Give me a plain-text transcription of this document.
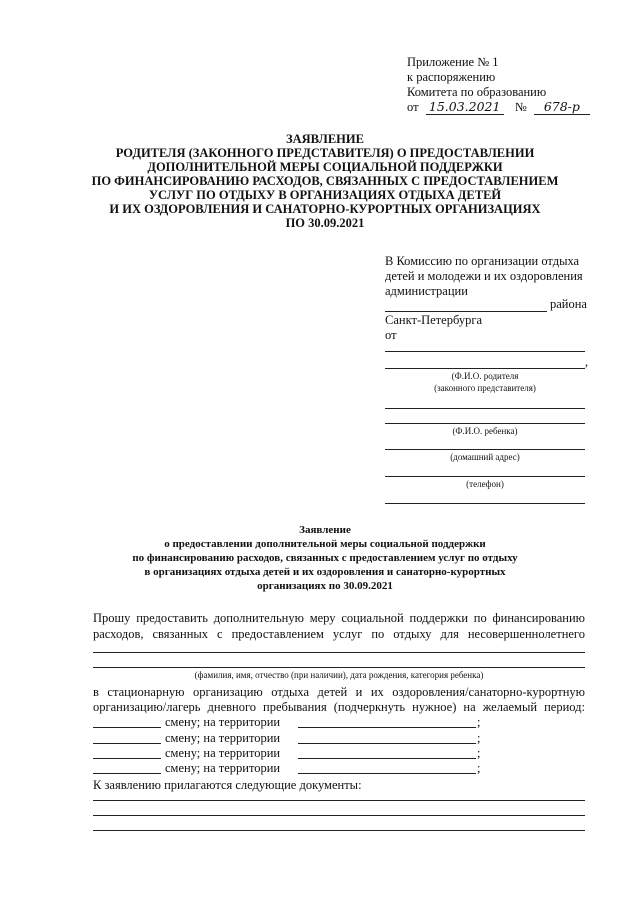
Приложение № 1
к распоряжению
Комитета по образованию
от 15.03.2021 № 678-р
ЗАЯВЛЕНИЕ
РОДИТЕЛЯ (ЗАКОННОГО ПРЕДСТАВИТЕЛЯ) О ПРЕДОСТАВЛЕНИИ
ДОПОЛНИТЕЛЬНОЙ МЕРЫ СОЦИАЛЬНОЙ ПОДДЕРЖКИ
ПО ФИНАНСИРОВАНИЮ РАСХОДОВ, СВЯЗАННЫХ С ПРЕДОСТАВЛЕНИЕМ
УСЛУГ ПО ОТДЫХУ В ОРГАНИЗАЦИЯХ ОТДЫХА ДЕТЕЙ
И ИХ ОЗДОРОВЛЕНИЯ И САНАТОРНО-КУРОРТНЫХ ОРГАНИЗАЦИЯХ
ПО 30.09.2021
В Комиссию по организации отдыха
детей и молодежи и их оздоровления
администрации
района
Санкт-Петербурга
от
,
(Ф.И.О. родителя
(законного представителя)
(Ф.И.О. ребенка)
(домашний адрес)
(телефон)
Заявление
о предоставлении дополнительной меры социальной поддержки
по финансированию расходов, связанных с предоставлением услуг по отдыху
в организациях отдыха детей и их оздоровления и санаторно-курортных
организациях по 30.09.2021
Прошу предоставить дополнительную меру социальной поддержки по финансированию
расходов, связанных с предоставлением услуг по отдыху для несовершеннолетнего
(фамилия, имя, отчество (при наличии), дата рождения, категория ребенка)
в стационарную организацию отдыха детей и их оздоровления/санаторно-курортную
организацию/лагерь дневного пребывания (подчеркнуть нужное) на желаемый период:
смену; на территории	;
смену; на территории	;
смену; на территории	;
смену; на территории	;
К заявлению прилагаются следующие документы:
